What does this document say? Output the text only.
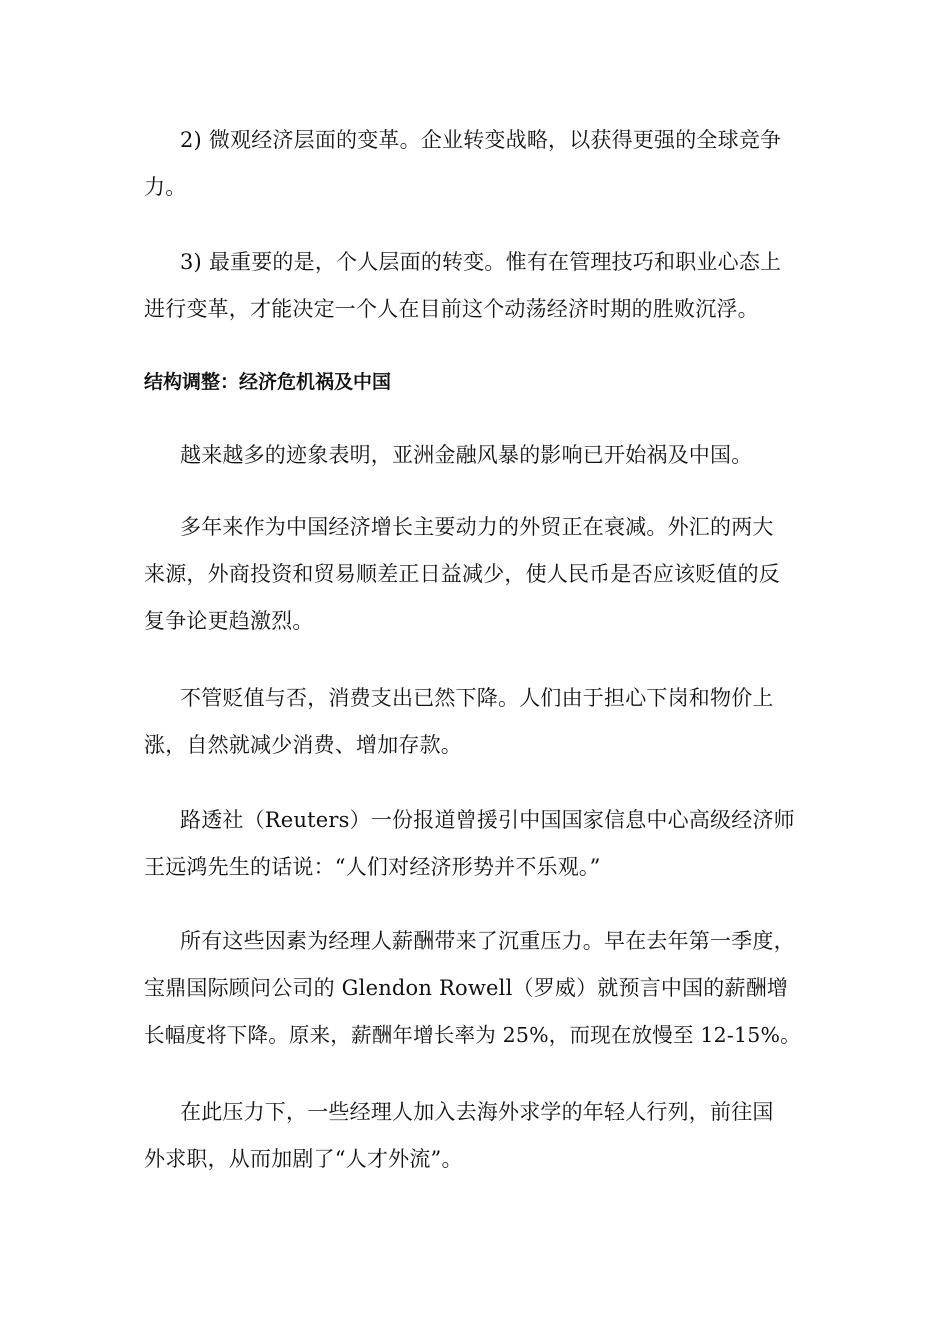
2) 微观经济层面的变革。企业转变战略，以获得更强的全球竞争
力。

3) 最重要的是，个人层面的转变。惟有在管理技巧和职业心态上
进行变革，才能决定一个人在目前这个动荡经济时期的胜败沉浮。

结构调整：经济危机祸及中国

越来越多的迹象表明，亚洲金融风暴的影响已开始祸及中国。

多年来作为中国经济增长主要动力的外贸正在衰减。外汇的两大
来源，外商投资和贸易顺差正日益减少，使人民币是否应该贬值的反
复争论更趋激烈。

不管贬值与否，消费支出已然下降。人们由于担心下岗和物价上
涨，自然就减少消费、增加存款。

路透社（Reuters）一份报道曾援引中国国家信息中心高级经济师
王远鸿先生的话说：“人们对经济形势并不乐观。”

所有这些因素为经理人薪酬带来了沉重压力。早在去年第一季度，
宝鼎国际顾问公司的 Glendon Rowell（罗威）就预言中国的薪酬增
长幅度将下降。原来，薪酬年增长率为 25%，而现在放慢至 12-15%。

在此压力下，一些经理人加入去海外求学的年轻人行列，前往国
外求职，从而加剧了“人才外流”。
